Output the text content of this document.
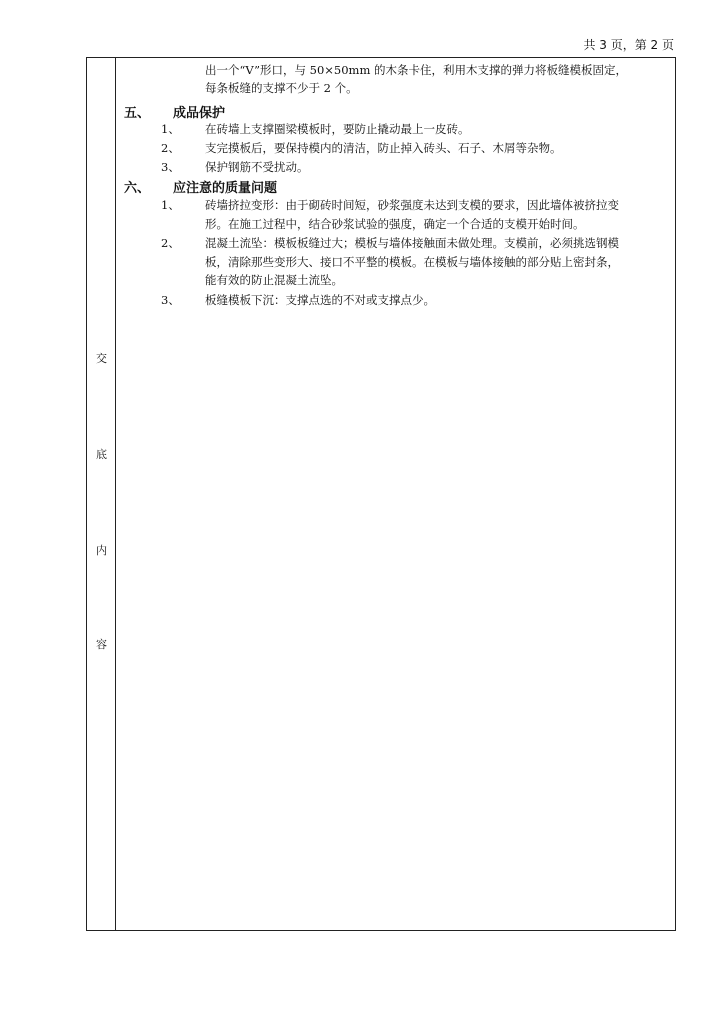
共 3 页，第 2 页
交
底
内
容
出一个“V”形口，与 50×50mm 的木条卡住，利用木支撑的弹力将板缝模板固定，
每条板缝的支撑不少于 2 个。
五、 成品保护
1、 在砖墙上支撑圈梁模板时，要防止撬动最上一皮砖。
2、 支完摸板后，要保持模内的清洁，防止掉入砖头、石子、木屑等杂物。
3、 保护钢筋不受扰动。
六、 应注意的质量问题
1、 砖墙挤拉变形：由于砌砖时间短，砂浆强度未达到支模的要求，因此墙体被挤拉变
形。在施工过程中，结合砂浆试验的强度，确定一个合适的支模开始时间。
2、 混凝土流坠：模板板缝过大；模板与墙体接触面未做处理。支模前，必须挑选钢模
板，清除那些变形大、接口不平整的模板。在模板与墙体接触的部分贴上密封条，
能有效的防止混凝土流坠。
3、 板缝模板下沉：支撑点选的不对或支撑点少。
